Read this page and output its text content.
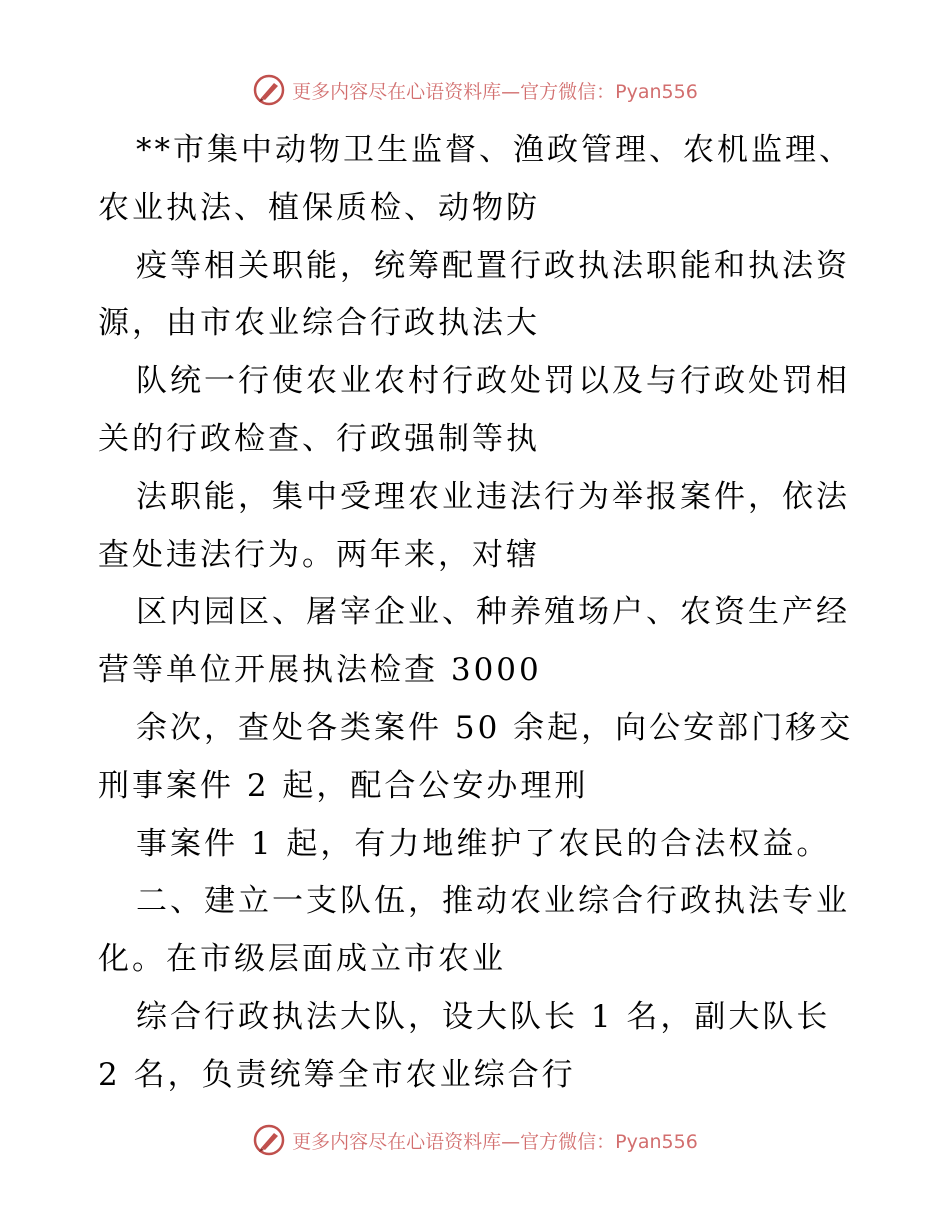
更多内容尽在心语资料库—官方微信：Pyan556
**市集中动物卫生监督、渔政管理、农机监理、
农业执法、植保质检、动物防
疫等相关职能，统筹配置行政执法职能和执法资
源，由市农业综合行政执法大
队统一行使农业农村行政处罚以及与行政处罚相
关的行政检查、行政强制等执
法职能，集中受理农业违法行为举报案件，依法
查处违法行为。两年来，对辖
区内园区、屠宰企业、种养殖场户、农资生产经
营等单位开展执法检查 3000
余次，查处各类案件 50 余起，向公安部门移交
刑事案件 2 起，配合公安办理刑
事案件 1 起，有力地维护了农民的合法权益。
二、建立一支队伍，推动农业综合行政执法专业
化。在市级层面成立市农业
综合行政执法大队，设大队长 1 名，副大队长
2 名，负责统筹全市农业综合行
更多内容尽在心语资料库—官方微信：Pyan556
